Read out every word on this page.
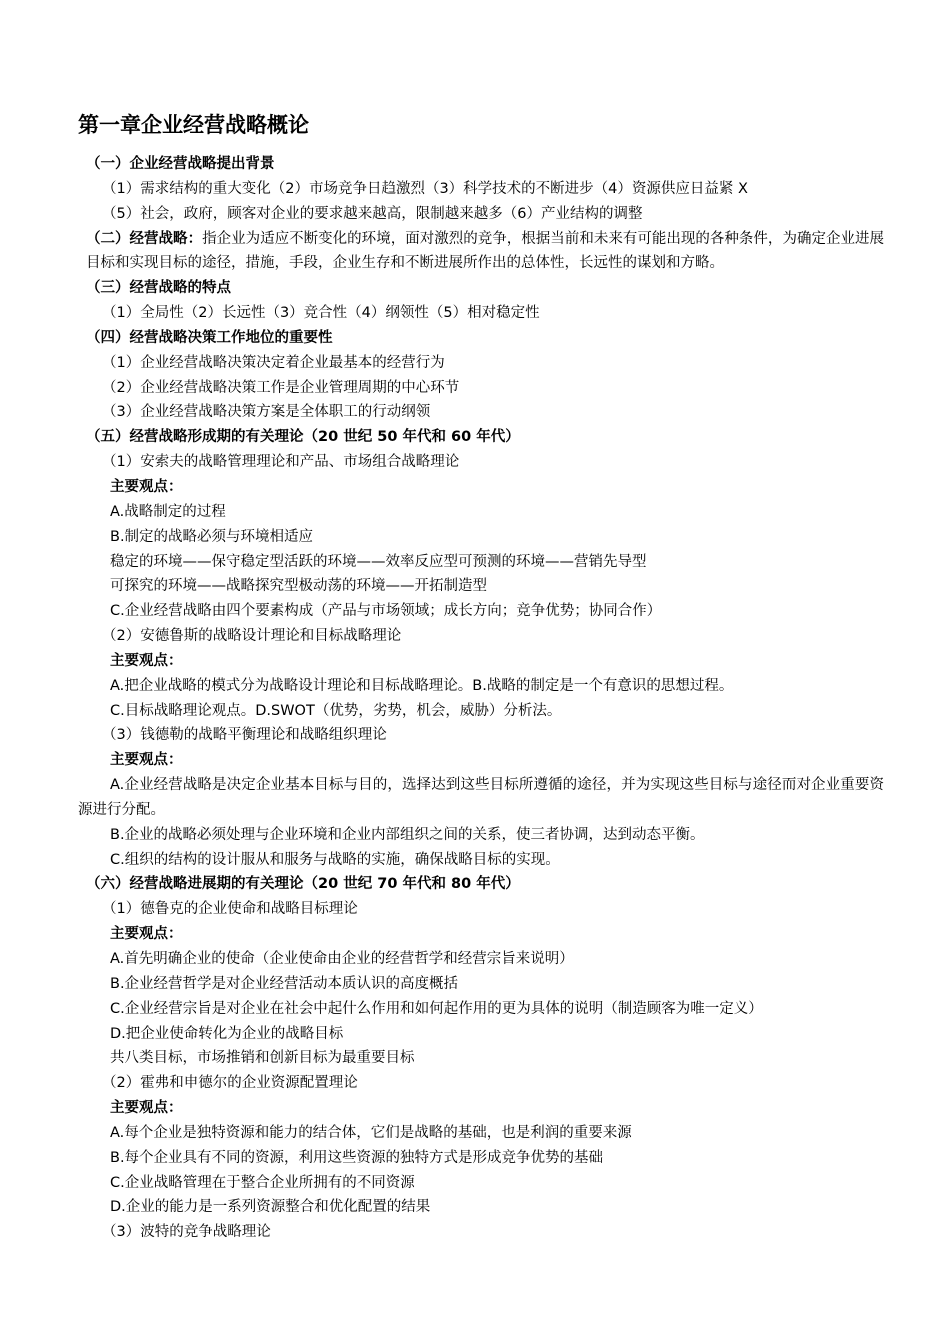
第一章企业经营战略概论

（一）企业经营战略提出背景

（1）需求结构的重大变化（2）市场竞争日趋激烈（3）科学技术的不断进步（4）资源供应日益紧 X

（5）社会，政府，顾客对企业的要求越来越高，限制越来越多（6）产业结构的调整

（二）经营战略：指企业为适应不断变化的环境，面对激烈的竞争，根据当前和未来有可能出现的各种条件，为确定企业进展目标和实现目标的途径，措施，手段，企业生存和不断进展所作出的总体性，长远性的谋划和方略。

（三）经营战略的特点

（1）全局性（2）长远性（3）竞合性（4）纲领性（5）相对稳定性

（四）经营战略决策工作地位的重要性

（1）企业经营战略决策决定着企业最基本的经营行为

（2）企业经营战略决策工作是企业管理周期的中心环节

（3）企业经营战略决策方案是全体职工的行动纲领

（五）经营战略形成期的有关理论（20 世纪 50 年代和 60 年代）

（1）安索夫的战略管理理论和产品、市场组合战略理论

主要观点：

A.战略制定的过程

B.制定的战略必须与环境相适应

稳定的环境——保守稳定型活跃的环境——效率反应型可预测的环境——营销先导型

可探究的环境——战略探究型极动荡的环境——开拓制造型

C.企业经营战略由四个要素构成（产品与市场领域；成长方向；竞争优势；协同合作）

（2）安德鲁斯的战略设计理论和目标战略理论

主要观点：

A.把企业战略的模式分为战略设计理论和目标战略理论。B.战略的制定是一个有意识的思想过程。

C.目标战略理论观点。D.SWOT（优势，劣势，机会，威胁）分析法。

（3）钱德勒的战略平衡理论和战略组织理论

主要观点：

A.企业经营战略是决定企业基本目标与目的，选择达到这些目标所遵循的途径，并为实现这些目标与途径而对企业重要资源进行分配。

B.企业的战略必须处理与企业环境和企业内部组织之间的关系，使三者协调，达到动态平衡。

C.组织的结构的设计服从和服务与战略的实施，确保战略目标的实现。

（六）经营战略进展期的有关理论（20 世纪 70 年代和 80 年代）

（1）德鲁克的企业使命和战略目标理论

主要观点：

A.首先明确企业的使命（企业使命由企业的经营哲学和经营宗旨来说明）

B.企业经营哲学是对企业经营活动本质认识的高度概括

C.企业经营宗旨是对企业在社会中起什么作用和如何起作用的更为具体的说明（制造顾客为唯一定义）

D.把企业使命转化为企业的战略目标

共八类目标，市场推销和创新目标为最重要目标

（2）霍弗和申德尔的企业资源配置理论

主要观点：

A.每个企业是独特资源和能力的结合体，它们是战略的基础，也是利润的重要来源

B.每个企业具有不同的资源，利用这些资源的独特方式是形成竞争优势的基础

C.企业战略管理在于整合企业所拥有的不同资源

D.企业的能力是一系列资源整合和优化配置的结果

（3）波特的竞争战略理论
